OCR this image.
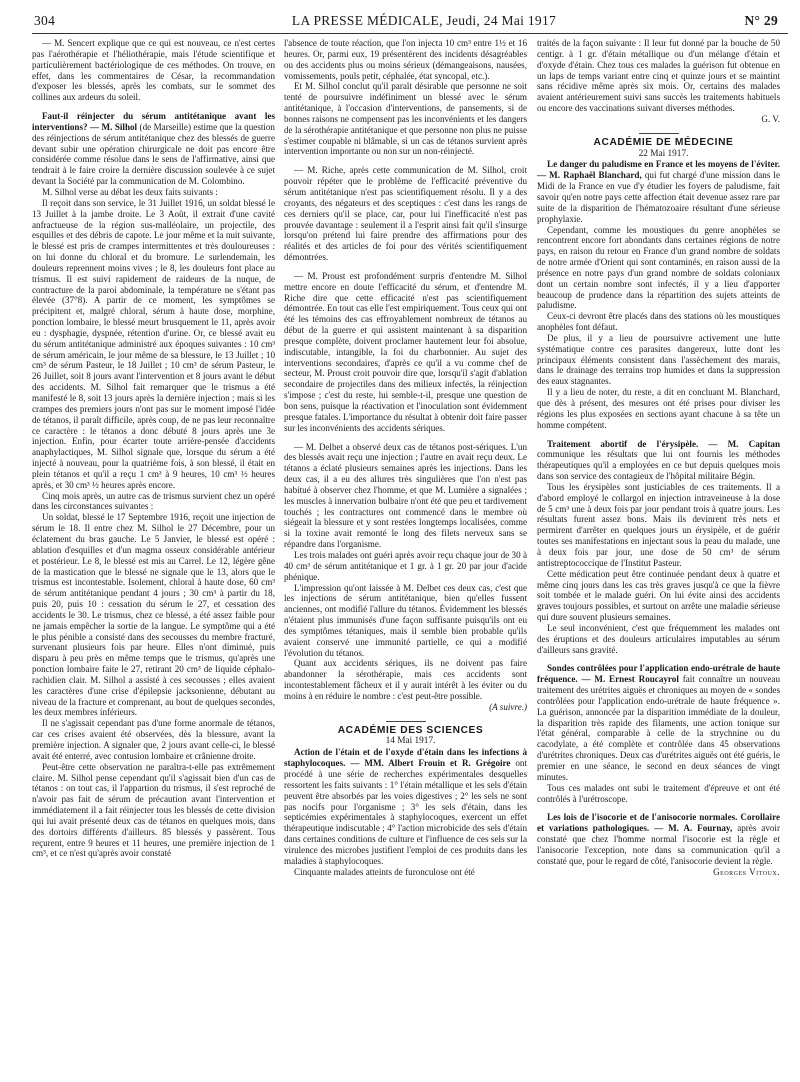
304	LA PRESSE MÉDICALE, Jeudi, 24 Mai 1917	N° 29

— M. Sencert explique que ce qui est nouveau, ce n'est certes pas l'aérothérapie et l'héliothérapie, mais l'étude scientifique et particulièrement bactériologique de ces méthodes. On trouve, en effet, dans les commentaires de César, la recommandation d'exposer les blessés, après les combats, sur le sommet des collines aux ardeurs du soleil.

Faut-il réinjecter du sérum antitétanique avant les interventions? — M. Silhol (de Marseille) estime que la question des réinjections de sérum antitétanique chez des blessés de guerre devant subir une opération chirurgicale ne doit pas encore être considérée comme résolue dans le sens de l'affirmative, ainsi que tendrait à le faire croire la dernière discussion soulevée à ce sujet devant la Société par la communication de M. Colombino.

M. Silhol verse au débat les deux faits suivants :

Il reçoit dans son service, le 31 Juillet 1916, un soldat blessé le 13 Juillet à la jambe droite. Le 3 Août, il extrait d'une cavité anfractueuse de la région sus-malléolaire, un projectile, des esquilles et des débris de capote. Le jour même et la nuit suivante, le blessé est pris de crampes intermittentes et très douloureuses : on lui donne du chloral et du bromure. Le surlendemain, les douleurs reprennent moins vives ; le 8, les douleurs font place au trismus. Il est suivi rapidement de raideurs de la nuque, de contracture de la paroi abdominale, la température ne s'étant pas élevée (37°8). A partir de ce moment, les symptômes se précipitent et, malgré chloral, sérum à haute dose, morphine, ponction lombaire, le blessé meurt brusquement le 11, après avoir eu : dysphagie, dyspnée, rétention d'urine. Or, ce blessé avait eu du sérum antitétanique administré aux époques suivantes : 10 cm³ de sérum américain, le jour même de sa blessure, le 13 Juillet ; 10 cm³ de sérum Pasteur, le 18 Juillet ; 10 cm³ de sérum Pasteur, le 26 Juillet, soit 8 jours avant l'intervention et 8 jours avant le début des accidents. M. Silhol fait remarquer que le trismus a été manifesté le 8, soit 13 jours après la dernière injection ; mais si les crampes des premiers jours n'ont pas sur le moment imposé l'idée de tétanos, il paraît difficile, après coup, de ne pas leur reconnaître ce caractère : le tétanos a donc débuté 8 jours après une 3e injection. Enfin, pour écarter toute arrière-pensée d'accidents anaphylactiques, M. Silhol signale que, lorsque du sérum a été injecté à nouveau, pour la quatrième fois, à son blessé, il était en plein tétanos et qu'il a reçu 1 cm³ à 9 heures, 10 cm³ ½ heures après, et 30 cm³ ½ heures après encore.

Cinq mois après, un autre cas de trismus survient chez un opéré dans les circonstances suivantes :

Un soldat, blessé le 17 Septembre 1916, reçoit une injection de sérum le 18. Il entre chez M. Silhol le 27 Décembre, pour un éclatement du bras gauche. Le 5 Janvier, le blessé est opéré : ablation d'esquilles et d'un magma osseux considérable antérieur et postérieur. Le 8, le blessé est mis au Carrel. Le 12, légère gêne de la mastication que le blessé ne signale que le 13, alors que le trismus est incontestable. Isolement, chloral à haute dose, 60 cm³ de sérum antitétanique pendant 4 jours ; 30 cm³ à partir du 18, puis 20, puis 10 : cessation du sérum le 27, et cessation des accidents le 30. Le trismus, chez ce blessé, a été assez faible pour ne jamais empêcher la sortie de la langue. Le symptôme qui a été le plus pénible a consisté dans des secousses du membre fracturé, survenant plusieurs fois par heure. Elles n'ont diminué, puis disparu à peu près en même temps que le trismus, qu'après une ponction lombaire faite le 27, retirant 20 cm³ de liquide céphalo-rachidien clair. M. Silhol a assisté à ces secousses ; elles avaient les caractères d'une crise d'épilepsie jacksonienne, débutant au niveau de la fracture et comprenant, au bout de quelques secondes, les deux membres inférieurs.

Il ne s'agissait cependant pas d'une forme anormale de tétanos, car ces crises avaient été observées, dès la blessure, avant la première injection. A signaler que, 2 jours avant celle-ci, le blessé avait été enterré, avec contusion lombaire et crânienne droite.

Peut-être cette observation ne paraîtra-t-elle pas extrêmement claire. M. Silhol pense cependant qu'il s'agissait bien d'un cas de tétanos : on tout cas, il l'appartion du trismus, il s'est reproché de n'avoir pas fait de sérum de précaution avant l'intervention et immédiatement il a fait réinjecter tous les blessés de cette division qui lui avait présenté deux cas de tétanos en quelques mois, dans des dortoirs différents d'ailleurs. 85 blessés y passèrent. Tous reçurent, entre 9 heures et 11 heures, une première injection de 1 cm³, et ce n'est qu'après avoir constaté

l'absence de toute réaction, que l'on injecta 10 cm³ entre 1½ et 16 heures. Or, parmi eux, 19 présentèrent des incidents désagréables ou des accidents plus ou moins sérieux (démangeaisons, nausées, vomissements, pouls petit, céphalée, état syncopal, etc.).

Et M. Silhol conclut qu'il paraît désirable que personne ne soit tenté de poursuivre indéfiniment un blessé avec le sérum antitétanique, à l'occasion d'interventions, de pansements, si de bonnes raisons ne compensent pas les inconvénients et les dangers de la sérothérapie antitétanique et que personne non plus ne puisse s'estimer coupable ni blâmable, si un cas de tétanos survient après intervention importante ou non sur un non-réinjecté.

— M. Riche, après cette communication de M. Silhol, croit pouvoir répéter que le problème de l'efficacité préventive du sérum antitétanique n'est pas scientifiquement résolu. Il y a des croyants, des négateurs et des sceptiques : c'est dans les rangs de ces derniers qu'il se place, car, pour lui l'inefficacité n'est pas prouvée davantage : seulement il a l'esprit ainsi fait qu'il s'insurge lorsqu'on prétend lui faire prendre des affirmations pour des réalités et des articles de foi pour des vérités scientifiquement démontrées.

— M. Proust est profondément surpris d'entendre M. Silhol mettre encore en doute l'efficacité du sérum, et d'entendre M. Riche dire que cette efficacité n'est pas scientifiquement démontrée. En tout cas elle l'est empiriquement. Tous ceux qui ont été les témoins des cas effroyablement nombreux de tétanos au début de la guerre et qui assistent maintenant à sa disparition presque complète, doivent proclamer hautement leur foi absolue, indiscutable, intangible, la foi du charbonnier. Au sujet des interventions secondaires, d'après ce qu'il a vu comme chef de secteur, M. Proust croit pouvoir dire que, lorsqu'il s'agit d'ablation secondaire de projectiles dans des milieux infectés, la réinjection s'impose ; c'est du reste, lui semble-t-il, presque une question de bon sens, puisque la réactivation et l'inoculation sont évidemment presque fatales. L'importance du résultat à obtenir doit faire passer sur les inconvénients des accidents sériques.

— M. Delbet a observé deux cas de tétanos post-sériques. L'un des blessés avait reçu une injection ; l'autre en avait reçu deux. Le tétanos a éclaté plusieurs semaines après les injections. Dans les deux cas, il a eu des allures très singulières que l'on n'est pas habitué à observer chez l'homme, et que M. Lumière a signalées ; les muscles à innervation bulbaire n'ont été que peu et tardivement touchés ; les contractures ont commencé dans le membre où siégeait la blessure et y sont restées longtemps localisées, comme si la toxine avait remonté le long des filets nerveux sans se répandre dans l'organisme.

Les trois malades ont guéri après avoir reçu chaque jour de 30 à 40 cm³ de sérum antitétanique et 1 gr. à 1 gr. 20 par jour d'acide phénique.

L'impression qu'ont laissée à M. Delbet ces deux cas, c'est que les injections de sérum antitétanique, bien qu'elles fussent anciennes, ont modifié l'allure du tétanos. Évidemment les blessés n'étaient plus immunisés d'une façon suffisante puisqu'ils ont eu des symptômes tétaniques, mais il semble bien probable qu'ils avaient conservé une immunité partielle, ce qui a modifié l'évolution du tétanos.

Quant aux accidents sériques, ils ne doivent pas faire abandonner la sérothérapie, mais ces accidents sont incontestablement fâcheux et il y aurait intérêt à les éviter ou du moins à en réduire le nombre : c'est peut-être possible.

(A suivre.)

ACADÉMIE DES SCIENCES

14 Mai 1917.

Action de l'étain et de l'oxyde d'étain dans les infections à staphylocoques. — MM. Albert Frouin et R. Grégoire ont procédé à une série de recherches expérimentales desquelles ressortent les faits suivants : 1° l'étain métallique et les sels d'étain peuvent être absorbés par les voies digestives ; 2° les sels ne sont pas nocifs pour l'organisme ; 3° les sels d'étain, dans les septicémies expérimentales à staphylocoques, exercent un effet thérapeutique indiscutable ; 4° l'action microbicide des sels d'étain dans certaines conditions de culture et l'influence de ces sels sur la virulence des microbes justifient l'emploi de ces produits dans les maladies à staphylocoques.

Cinquante malades atteints de furonculose ont été

traités de la façon suivante : Il leur fut donné par la bouche de 50 centigr. à 1 gr. d'étain métallique ou d'un mélange d'étain et d'oxyde d'étain. Chez tous ces malades la guérison fut obtenue en un laps de temps variant entre cinq et quinze jours et se maintint sans récidive même après six mois. Or, certains des malades avaient antérieurement suivi sans succès les traitements habituels ou encore des vaccinations suivant diverses méthodes.

G. V.

ACADÉMIE DE MÉDECINE

22 Mai 1917.

Le danger du paludisme en France et les moyens de l'éviter. — M. Raphaël Blanchard, qui fut chargé d'une mission dans le Midi de la France en vue d'y étudier les foyers de paludisme, fait savoir qu'en notre pays cette affection était devenue assez rare par suite de la disparition de l'hématozoaire résultant d'une sérieuse prophylaxie.

Cependant, comme les moustiques du genre anophèles se rencontrent encore fort abondants dans certaines régions de notre pays, en raison du retour en France d'un grand nombre de soldats de notre armée d'Orient qui sont contaminés, en raison aussi de la présence en notre pays d'un grand nombre de soldats coloniaux dont un certain nombre sont infectés, il y a lieu d'apporter beaucoup de prudence dans la répartition des sujets atteints de paludisme.

Ceux-ci devront être placés dans des stations où les moustiques anophèles font défaut.

De plus, il y a lieu de poursuivre activement une lutte systématique contre ces parasites dangereux, lutte dont les principaux éléments consistent dans l'assèchement des marais, dans le drainage des terrains trop humides et dans la suppression des eaux stagnantes.

Il y a lieu de noter, du reste, a dit en concluant M. Blanchard, que dès à présent, des mesures ont été prises pour diviser les régions les plus exposées en sections ayant chacune à sa tête un homme compétent.

Traitement abortif de l'érysipèle. — M. Capitan communique les résultats que lui ont fournis les méthodes thérapeutiques qu'il a employées en ce but depuis quelques mois dans son service des contagieux de l'hôpital militaire Bégin.

Tous les érysipèles sont justiciables de ces traitements. Il a d'abord employé le collargol en injection intraveineuse à la dose de 5 cm³ une à deux fois par jour pendant trois à quatre jours. Les résultats furent assez bons. Mais ils devinrent très nets et permirent d'arrêter en quelques jours un érysipèle, et de guérir toutes ses manifestations en injectant sous la peau du malade, une à deux fois par jour, une dose de 50 cm³ de sérum antistreptococcique de l'Institut Pasteur.

Cette médication peut être continuée pendant deux à quatre et même cinq jours dans les cas très graves jusqu'à ce que la fièvre soit tombée et le malade guéri. On lui évite ainsi des accidents graves toujours possibles, et surtout on arrête une maladie sérieuse qui dure souvent plusieurs semaines.

Le seul inconvénient, c'est que fréquemment les malades ont des éruptions et des douleurs articulaires imputables au sérum d'ailleurs sans gravité.

Sondes contrôlées pour l'application endo-urétrale de haute fréquence. — M. Ernest Roucayrol fait connaître un nouveau traitement des urétrites aiguës et chroniques au moyen de « sondes contrôlées pour l'application endo-urétrale de haute fréquence ». La guérison, annoncée par la disparition immédiate de la douleur, la disparition très rapide des filaments, une action tonique sur l'état général, comparable à celle de la strychnine ou du cacodylate, a été complète et contrôlée dans 45 observations d'urétrites chroniques. Deux cas d'urétrites aiguës ont été guéris, le premier en une séance, le second en deux séances de vingt minutes.

Tous ces malades ont subi le traitement d'épreuve et ont été contrôlés à l'urétroscope.

Les lois de l'isocorie et de l'anisocorie normales. Corollaire et variations pathologiques. — M. A. Fournay, après avoir constaté que chez l'homme normal l'isocorie est la règle et l'anisocorie l'exception, note dans sa communication qu'il a constaté que, pour le regard de côté, l'anisocorie devient la règle.

Georges Vitoux.
